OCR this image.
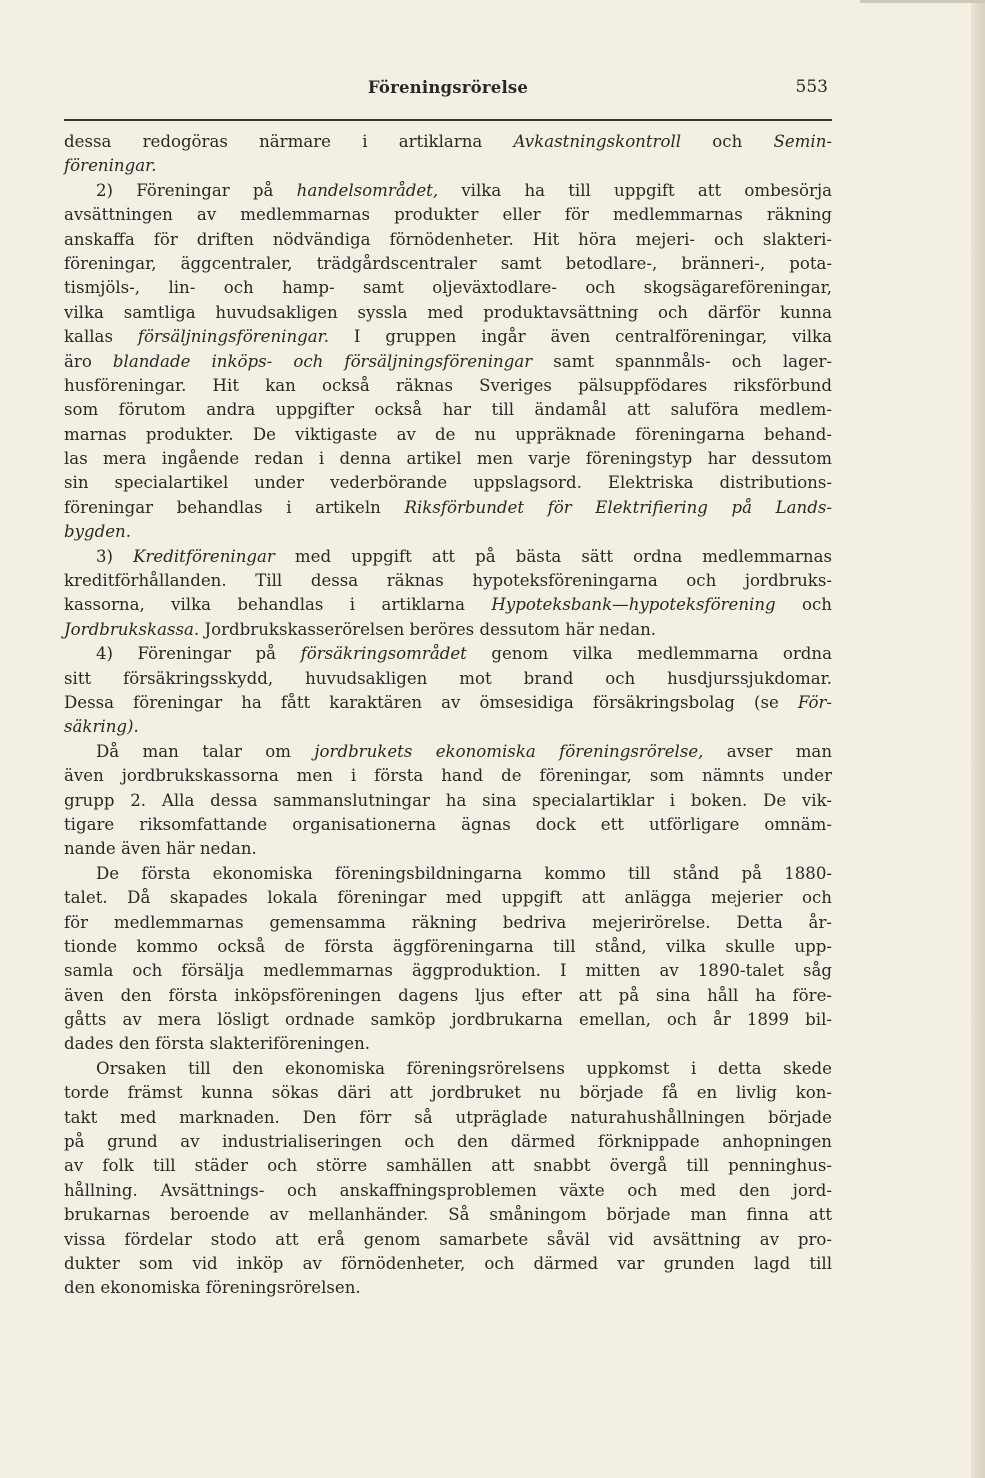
Föreningsrörelse	553
dessa redogöras närmare i artiklarna Avkastningskontroll och Semin-
föreningar.
2) Föreningar på handelsområdet, vilka ha till uppgift att ombesörja
avsättningen av medlemmarnas produkter eller för medlemmarnas räkning
anskaffa för driften nödvändiga förnödenheter. Hit höra mejeri- och slakteri-
föreningar, äggcentraler, trädgårdscentraler samt betodlare-, bränneri-, pota-
tismjöls-, lin- och hamp- samt oljeväxtodlare- och skogsägareföreningar,
vilka samtliga huvudsakligen syssla med produktavsättning och därför kunna
kallas försäljningsföreningar. I gruppen ingår även centralföreningar, vilka
äro blandade inköps- och försäljningsföreningar samt spannmåls- och lager-
husföreningar. Hit kan också räknas Sveriges pälsuppfödares riksförbund
som förutom andra uppgifter också har till ändamål att saluföra medlem-
marnas produkter. De viktigaste av de nu uppräknade föreningarna behand-
las mera ingående redan i denna artikel men varje föreningstyp har dessutom
sin specialartikel under vederbörande uppslagsord. Elektriska distributions-
föreningar behandlas i artikeln Riksförbundet för Elektrifiering på Lands-
bygden.
3) Kreditföreningar med uppgift att på bästa sätt ordna medlemmarnas
kreditförhållanden. Till dessa räknas hypoteksföreningarna och jordbruks-
kassorna, vilka behandlas i artiklarna Hypoteksbank—hypoteksförening och
Jordbrukskassa. Jordbrukskasserörelsen beröres dessutom här nedan.
4) Föreningar på försäkringsområdet genom vilka medlemmarna ordna
sitt försäkringsskydd, huvudsakligen mot brand och husdjurssjukdomar.
Dessa föreningar ha fått karaktären av ömsesidiga försäkringsbolag (se För-
säkring).
Då man talar om jordbrukets ekonomiska föreningsrörelse, avser man
även jordbrukskassorna men i första hand de föreningar, som nämnts under
grupp 2. Alla dessa sammanslutningar ha sina specialartiklar i boken. De vik-
tigare riksomfattande organisationerna ägnas dock ett utförligare omnäm-
nande även här nedan.
De första ekonomiska föreningsbildningarna kommo till stånd på 1880-
talet. Då skapades lokala föreningar med uppgift att anlägga mejerier och
för medlemmarnas gemensamma räkning bedriva mejerirörelse. Detta år-
tionde kommo också de första äggföreningarna till stånd, vilka skulle upp-
samla och försälja medlemmarnas äggproduktion. I mitten av 1890-talet såg
även den första inköpsföreningen dagens ljus efter att på sina håll ha före-
gåtts av mera lösligt ordnade samköp jordbrukarna emellan, och år 1899 bil-
dades den första slakteriföreningen.
Orsaken till den ekonomiska föreningsrörelsens uppkomst i detta skede
torde främst kunna sökas däri att jordbruket nu började få en livlig kon-
takt med marknaden. Den förr så utpräglade naturahushållningen började
på grund av industrialiseringen och den därmed förknippade anhopningen
av folk till städer och större samhällen att snabbt övergå till penninghus-
hållning. Avsättnings- och anskaffningsproblemen växte och med den jord-
brukarnas beroende av mellanhänder. Så småningom började man finna att
vissa fördelar stodo att erå genom samarbete såväl vid avsättning av pro-
dukter som vid inköp av förnödenheter, och därmed var grunden lagd till
den ekonomiska föreningsrörelsen.
